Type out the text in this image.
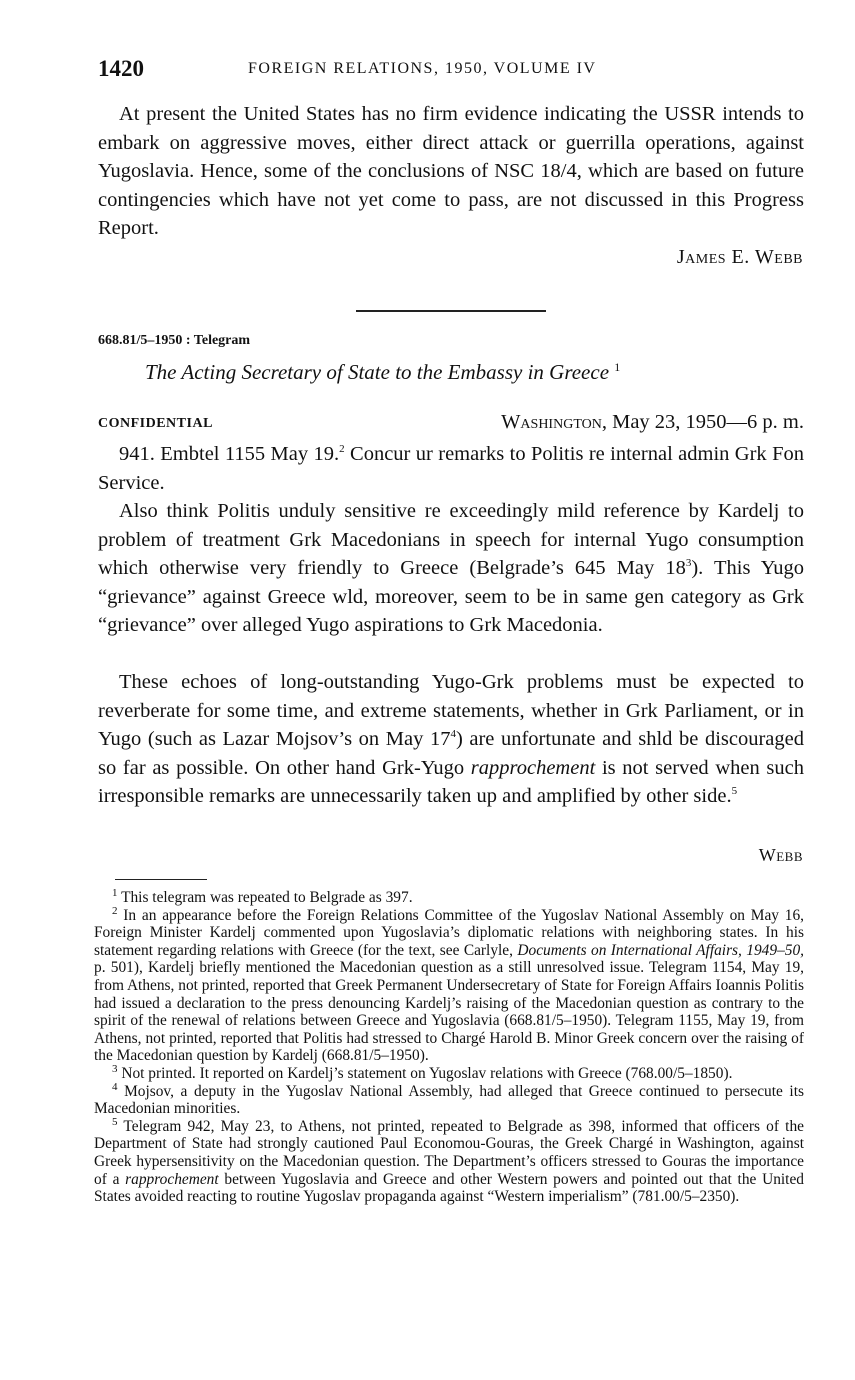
1420	FOREIGN RELATIONS, 1950, VOLUME IV

At present the United States has no firm evidence indicating the USSR intends to embark on aggressive moves, either direct attack or guerrilla operations, against Yugoslavia. Hence, some of the conclusions of NSC 18/4, which are based on future contingencies which have not yet come to pass, are not discussed in this Progress Report.

James E. Webb
668.81/5–1950 : Telegram
The Acting Secretary of State to the Embassy in Greece $^1$
CONFIDENTIAL	Washington, May 23, 1950—6 p. m.

941. Embtel 1155 May 19.$^2$ Concur ur remarks to Politis re internal admin Grk Fon Service.

Also think Politis unduly sensitive re exceedingly mild reference by Kardelj to problem of treatment Grk Macedonians in speech for internal Yugo consumption which otherwise very friendly to Greece (Belgrade’s 645 May $18^3$). This Yugo “grievance” against Greece wld, moreover, seem to be in same gen category as Grk “grievance” over alleged Yugo aspirations to Grk Macedonia.

These echoes of long-outstanding Yugo-Grk problems must be expected to reverberate for some time, and extreme statements, whether in Grk Parliament, or in Yugo (such as Lazar Mojsov’s on May $17^4$) are unfortunate and shld be discouraged so far as possible. On other hand Grk-Yugo rapprochement is not served when such irresponsible remarks are unnecessarily taken up and amplified by other side.$^5$

Webb

$^1$ This telegram was repeated to Belgrade as 397.

$^2$ In an appearance before the Foreign Relations Committee of the Yugoslav National Assembly on May 16, Foreign Minister Kardelj commented upon Yugoslavia’s diplomatic relations with neighboring states. In his statement regarding relations with Greece (for the text, see Carlyle, Documents on International Affairs, 1949–50, p. 501), Kardelj briefly mentioned the Macedonian question as a still unresolved issue. Telegram 1154, May 19, from Athens, not printed, reported that Greek Permanent Undersecretary of State for Foreign Affairs Ioannis Politis had issued a declaration to the press denouncing Kardelj’s raising of the Macedonian question as contrary to the spirit of the renewal of relations between Greece and Yugoslavia (668.81/5–1950). Telegram 1155, May 19, from Athens, not printed, reported that Politis had stressed to Chargé Harold B. Minor Greek concern over the raising of the Macedonian question by Kardelj (668.81/5–1950).

$^3$ Not printed. It reported on Kardelj’s statement on Yugoslav relations with Greece (768.00/5–1850).

$^4$ Mojsov, a deputy in the Yugoslav National Assembly, had alleged that Greece continued to persecute its Macedonian minorities.

$^5$ Telegram 942, May 23, to Athens, not printed, repeated to Belgrade as 398, informed that officers of the Department of State had strongly cautioned Paul Economou-Gouras, the Greek Chargé in Washington, against Greek hypersensitivity on the Macedonian question. The Department’s officers stressed to Gouras the importance of a rapprochement between Yugoslavia and Greece and other Western powers and pointed out that the United States avoided reacting to routine Yugoslav propaganda against “Western imperialism” (781.00/5–2350).
